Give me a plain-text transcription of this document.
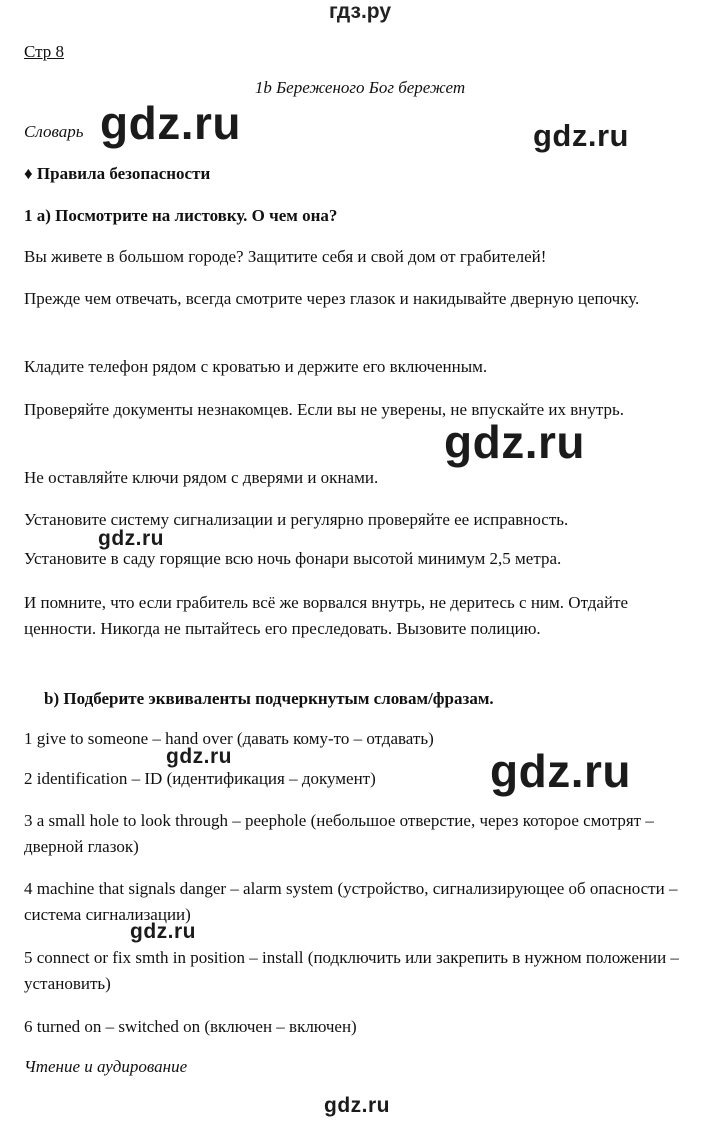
гдз.ру
Стр 8
1b Береженого Бог бережет
Словарь
♦ Правила безопасности
1 а) Посмотрите на листовку. О чем она?
Вы живете в большом городе? Защитите себя и свой дом от грабителей!
Прежде чем отвечать, всегда смотрите через глазок и накидывайте дверную цепочку.
Кладите телефон рядом с кроватью и держите его включенным.
Проверяйте документы незнакомцев. Если вы не уверены, не впускайте их внутрь.
Не оставляйте ключи рядом с дверями и окнами.
Установите систему сигнализации и регулярно проверяйте ее исправность.
Установите в саду горящие всю ночь фонари высотой минимум 2,5 метра.
И помните, что если грабитель всё же ворвался внутрь, не деритесь с ним. Отдайте ценности. Никогда не пытайтесь его преследовать. Вызовите полицию.
b) Подберите эквиваленты подчеркнутым словам/фразам.
1 give to someone – hand over (давать кому-то – отдавать)
2 identification – ID (идентификация – документ)
3 a small hole to look through – peephole (небольшое отверстие, через которое смотрят – дверной глазок)
4 machine that signals danger – alarm system (устройство, сигнализирующее об опасности – система сигнализации)
5 connect or fix smth in position – install (подключить или закрепить в нужном положении – установить)
6 turned on – switched on (включен – включен)
Чтение и аудирование
gdz.ru	gdz.ru
gdz.ru
gdz.ru
gdz.ru	gdz.ru
gdz.ru
gdz.ru
